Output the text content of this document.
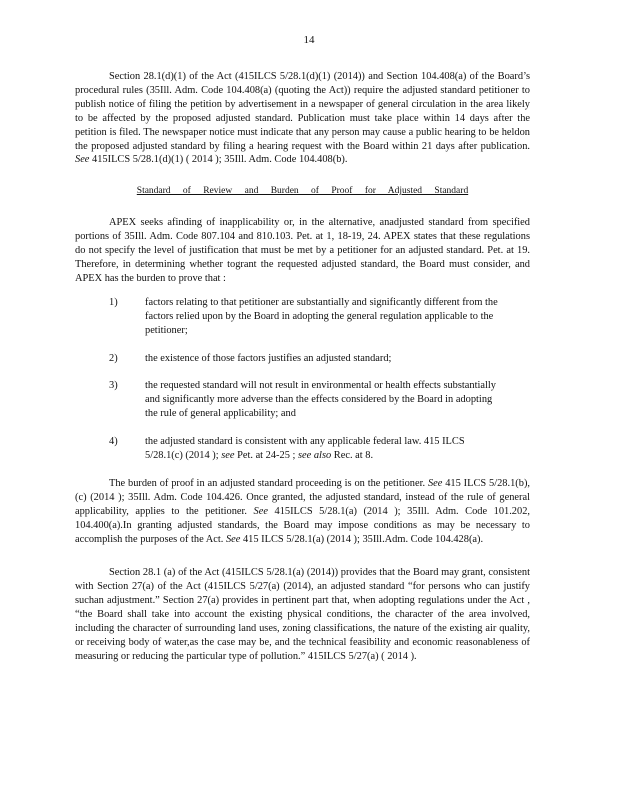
14

Section 28.1(d)(1) of the Act (415ILCS 5/28.1(d)(1) (2014)) and Section 104.408(a) of the Board’s procedural rules (35Ill. Adm. Code 104.408(a) (quoting the Act)) require the adjusted standard petitioner to publish notice of filing the petition by advertisement in a newspaper of general circulation in the area likely to be affected by the proposed adjusted standard. Publication must take place within 14 days after the petition is filed. The newspaper notice must indicate that any person may cause a public hearing to be heldon the proposed adjusted standard by filing a hearing request with the Board within 21 days after publication. See 415ILCS 5/28.1(d)(1) ( 2014 ); 35Ill. Adm. Code 104.408(b).

Standard of Review and Burden of Proof for Adjusted Standard

APEX seeks afinding of inapplicability or, in the alternative, anadjusted standard from specified portions of 35Ill. Adm. Code 807.104 and 810.103. Pet. at 1, 18-19, 24. APEX states that these regulations do not specify the level of justification that must be met by a petitioner for an adjusted standard. Pet. at 19. Therefore, in determining whether togrant the requested adjusted standard, the Board must consider, and APEX has the burden to prove that :

1)	factors relating to that petitioner are substantially and significantly different from the factors relied upon by the Board in adopting the general regulation applicable to the petitioner;
2)	the existence of those factors justifies an adjusted standard;
3)	the requested standard will not result in environmental or health effects substantially and significantly more adverse than the effects considered by the Board in adopting the rule of general applicability; and
4)	the adjusted standard is consistent with any applicable federal law. 415 ILCS 5/28.1(c) (2014 ); see Pet. at 24-25 ; see also Rec. at 8.

The burden of proof in an adjusted standard proceeding is on the petitioner. See 415 ILCS 5/28.1(b), (c) (2014 ); 35Ill. Adm. Code 104.426. Once granted, the adjusted standard, instead of the rule of general applicability, applies to the petitioner. See 415ILCS 5/28.1(a) (2014 ); 35Ill. Adm. Code 101.202, 104.400(a).In granting adjusted standards, the Board may impose conditions as may be necessary to accomplish the purposes of the Act. See 415 ILCS 5/28.1(a) (2014 ); 35Ill.Adm. Code 104.428(a).

Section 28.1 (a) of the Act (415ILCS 5/28.1(a) (2014)) provides that the Board may grant, consistent with Section 27(a) of the Act (415ILCS 5/27(a) (2014), an adjusted standard “for persons who can justify suchan adjustment.” Section 27(a) provides in pertinent part that, when adopting regulations under the Act , “the Board shall take into account the existing physical conditions, the character of the area involved, including the character of surrounding land uses, zoning classifications, the nature of the existing air quality, or receiving body of water,as the case may be, and the technical feasibility and economic reasonableness of measuring or reducing the particular type of pollution.” 415ILCS 5/27(a) ( 2014 ).
